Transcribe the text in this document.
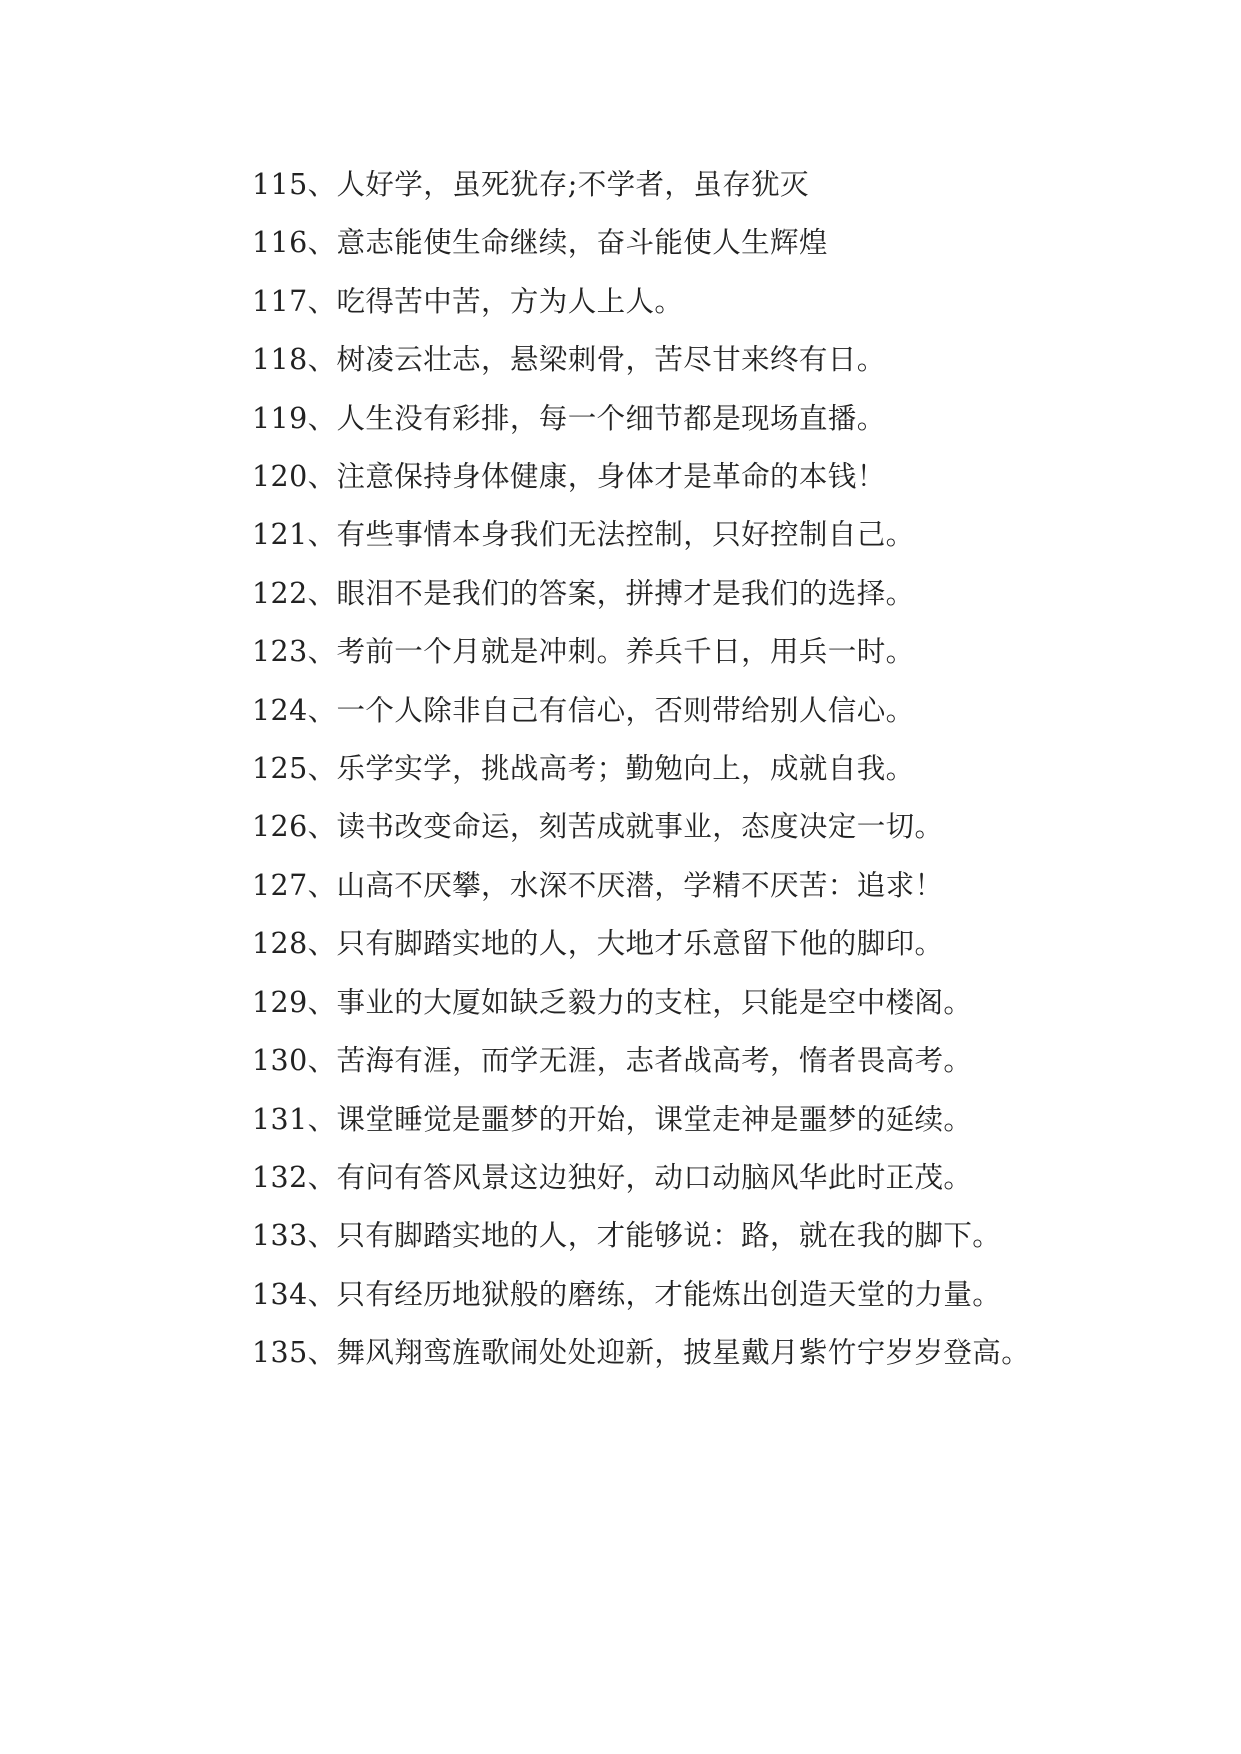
115、人好学，虽死犹存;不学者，虽存犹灭

116、意志能使生命继续，奋斗能使人生辉煌

117、吃得苦中苦，方为人上人。

118、树凌云壮志，悬梁刺骨，苦尽甘来终有日。

119、人生没有彩排，每一个细节都是现场直播。

120、注意保持身体健康，身体才是革命的本钱！

121、有些事情本身我们无法控制，只好控制自己。

122、眼泪不是我们的答案，拼搏才是我们的选择。

123、考前一个月就是冲刺。养兵千日，用兵一时。

124、一个人除非自己有信心，否则带给别人信心。

125、乐学实学，挑战高考；勤勉向上，成就自我。

126、读书改变命运，刻苦成就事业，态度决定一切。

127、山高不厌攀，水深不厌潜，学精不厌苦：追求！

128、只有脚踏实地的人，大地才乐意留下他的脚印。

129、事业的大厦如缺乏毅力的支柱，只能是空中楼阁。

130、苦海有涯，而学无涯，志者战高考，惰者畏高考。

131、课堂睡觉是噩梦的开始，课堂走神是噩梦的延续。

132、有问有答风景这边独好，动口动脑风华此时正茂。

133、只有脚踏实地的人，才能够说：路，就在我的脚下。

134、只有经历地狱般的磨练，才能炼出创造天堂的力量。

135、舞风翔鸾旌歌闹处处迎新，披星戴月紫竹宁岁岁登高。
